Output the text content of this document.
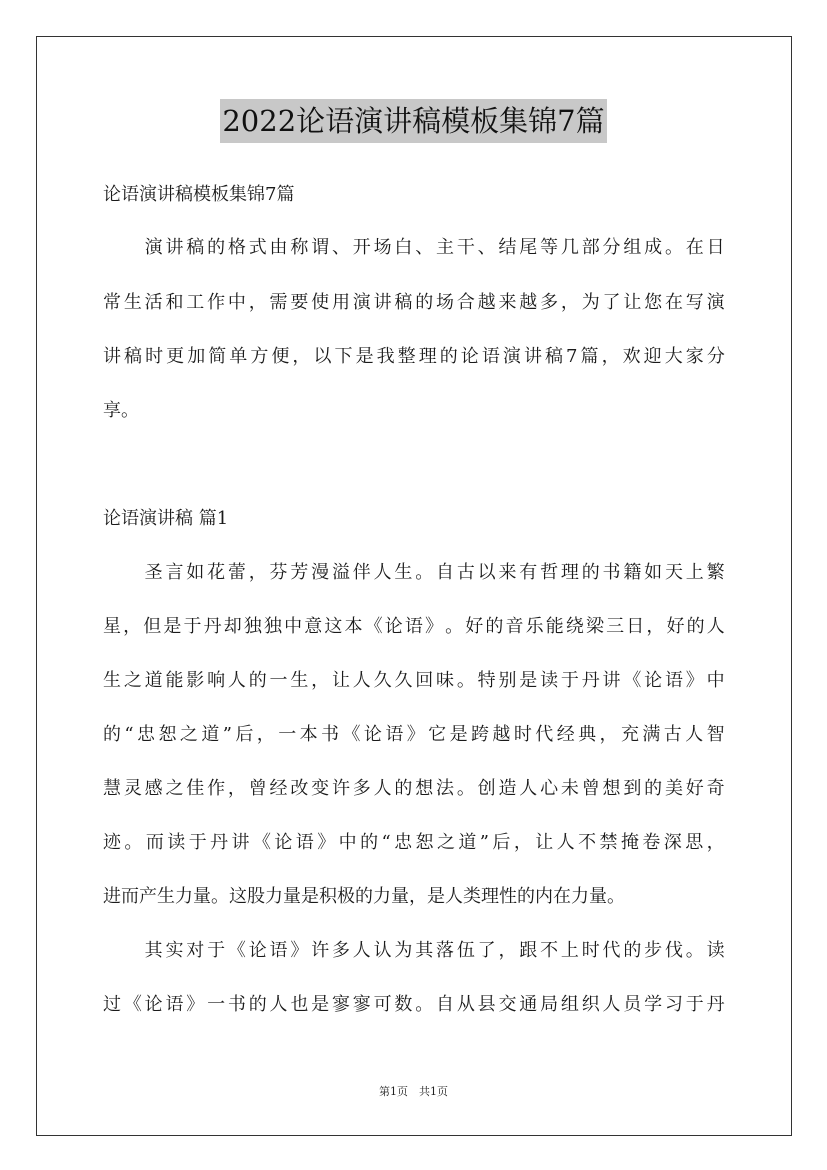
2022论语演讲稿模板集锦7篇
论语演讲稿模板集锦7篇

演 讲 稿 的 格 式 由 称 谓 、 开 场 白 、 主 干 、 结 尾 等 几 部 分 组 成 。 在 日
常 生 活 和 工 作 中 ， 需 要 使 用 演 讲 稿 的 场 合 越 来 越 多 ， 为 了 让 您 在 写 演
讲 稿 时 更 加 简 单 方 便 ， 以 下 是 我 整 理 的 论 语 演 讲 稿 7 篇 ， 欢 迎 大 家 分
享。
论语演讲稿 篇1

圣 言 如 花 蕾 ， 芬 芳 漫 溢 伴 人 生 。 自 古 以 来 有 哲 理 的 书 籍 如 天 上 繁
星 ， 但 是 于 丹 却 独 独 中 意 这 本 《 论 语 》 。 好 的 音 乐 能 绕 梁 三 日 ， 好 的 人
生 之 道 能 影 响 人 的 一 生 ， 让 人 久 久 回 味 。 特 别 是 读 于 丹 讲 《 论 语 》 中
的 “ 忠 恕 之 道 ” 后 ， 一 本 书 《 论 语 》 它 是 跨 越 时 代 经 典 ， 充 满 古 人 智
慧 灵 感 之 佳 作 ， 曾 经 改 变 许 多 人 的 想 法 。 创 造 人 心 未 曾 想 到 的 美 好 奇
迹 。 而 读 于 丹 讲 《 论 语 》 中 的 “ 忠 恕 之 道 ” 后 ， 让 人 不 禁 掩 卷 深 思 ，
进而产生力量。这股力量是积极的力量，是人类理性的内在力量。

其 实 对 于 《 论 语 》 许 多 人 认 为 其 落 伍 了 ， 跟 不 上 时 代 的 步 伐 。 读
过 《 论 语 》 一 书 的 人 也 是 寥 寥 可 数 。 自 从 县 交 通 局 组 织 人 员 学 习 于 丹
第1页　共1页
